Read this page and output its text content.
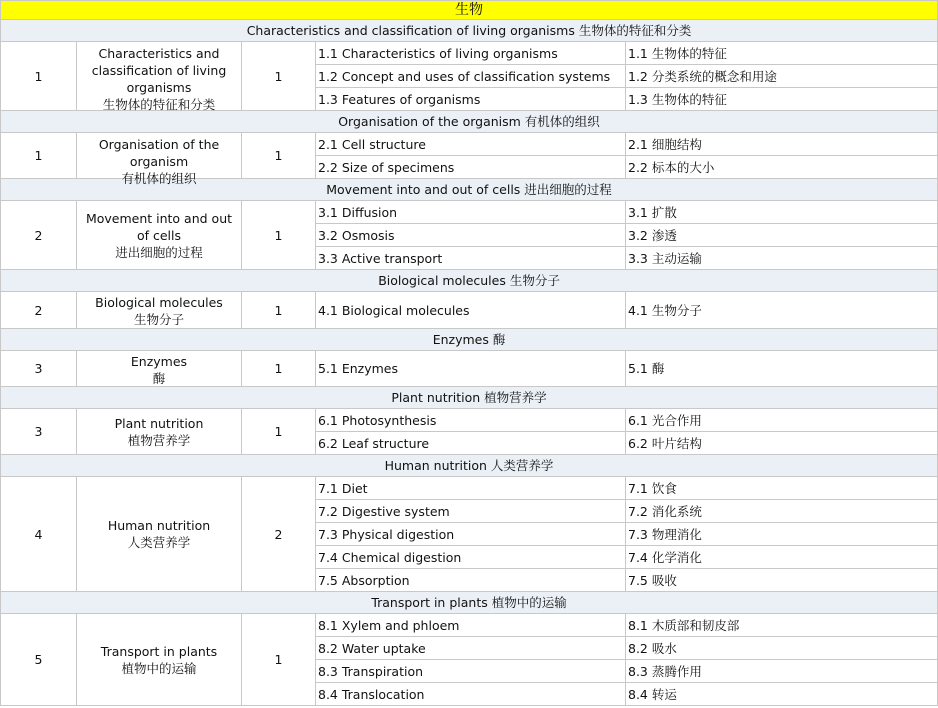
生物				
Characteristics and classification of living organisms 生物体的特征和分类				
1	Characteristics and classification of living organisms
生物体的特征和分类	1	1.1 Characteristics of living organisms	1.1 生物体的特征
			1.2 Concept and uses of classification systems	1.2 分类系统的概念和用途
			1.3 Features of organisms	1.3 生物体的特征
Organisation of the organism 有机体的组织				
1	Organisation of the organism
有机体的组织	1	2.1 Cell structure	2.1 细胞结构
			2.2 Size of specimens	2.2 标本的大小
Movement into and out of cells 进出细胞的过程				
2	Movement into and out of cells
进出细胞的过程	1	3.1 Diffusion	3.1 扩散
			3.2 Osmosis	3.2 渗透
			3.3 Active transport	3.3 主动运输
Biological molecules 生物分子				
2	Biological molecules
生物分子	1	4.1 Biological molecules	4.1 生物分子
Enzymes 酶				
3	Enzymes
酶	1	5.1 Enzymes	5.1 酶
Plant nutrition 植物营养学				
3	Plant nutrition
植物营养学	1	6.1 Photosynthesis	6.1 光合作用
			6.2 Leaf structure	6.2 叶片结构
Human nutrition 人类营养学				
4	Human nutrition
人类营养学	2	7.1 Diet	7.1 饮食
			7.2 Digestive system	7.2 消化系统
			7.3 Physical digestion	7.3 物理消化
			7.4 Chemical digestion	7.4 化学消化
			7.5 Absorption	7.5 吸收
Transport in plants 植物中的运输				
5	Transport in plants
植物中的运输	1	8.1 Xylem and phloem	8.1 木质部和韧皮部
			8.2 Water uptake	8.2 吸水
			8.3 Transpiration	8.3 蒸腾作用
			8.4 Translocation	8.4 转运
